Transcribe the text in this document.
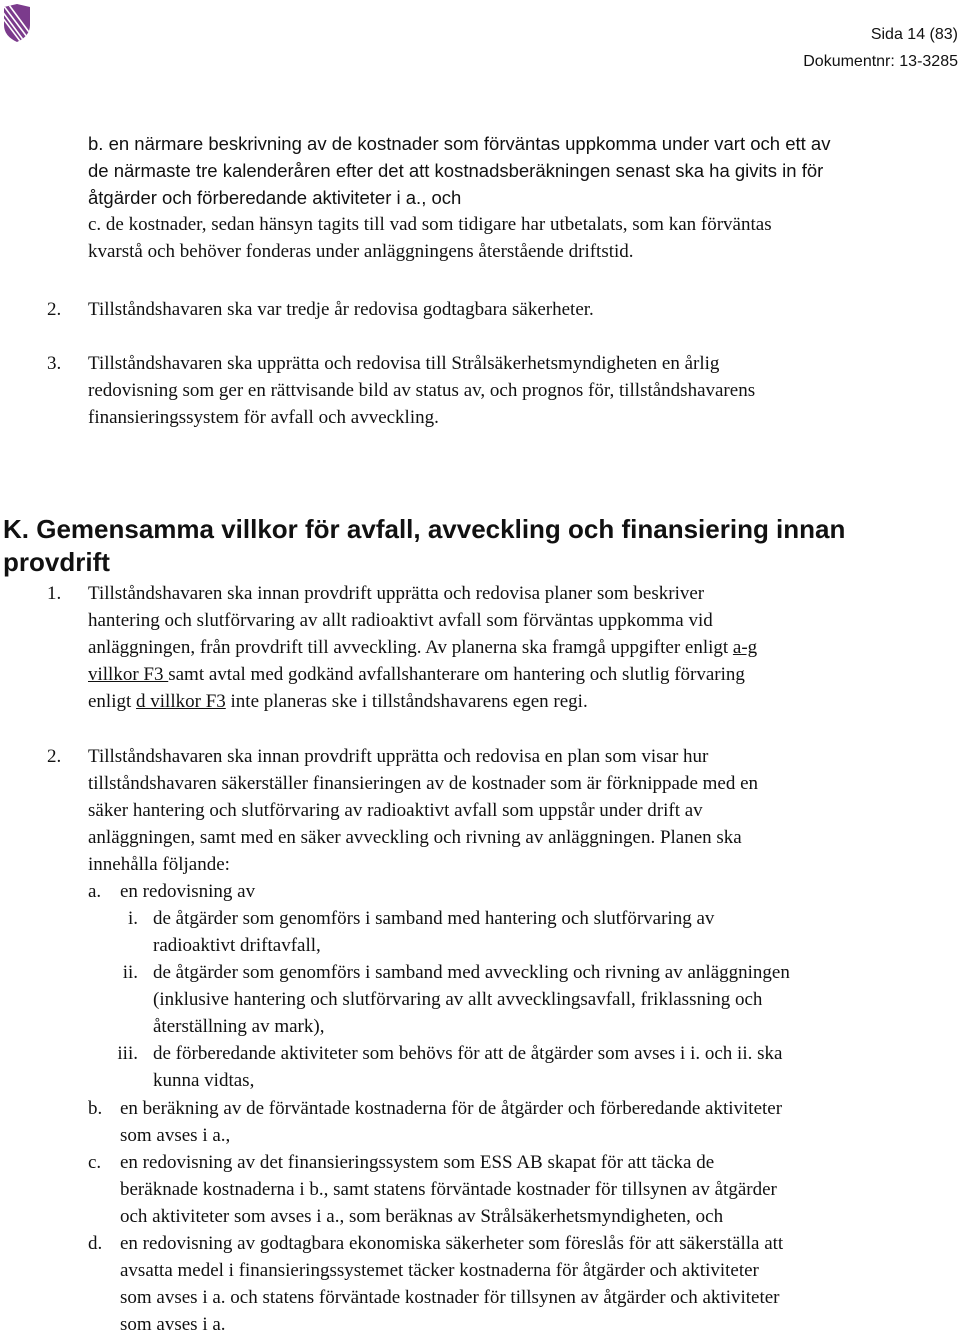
Sida 14 (83)
Dokumentnr: 13-3285
b. en närmare beskrivning av de kostnader som förväntas uppkomma under vart och ett av
de närmaste tre kalenderåren efter det att kostnadsberäkningen senast ska ha givits in för
åtgärder och förberedande aktiviteter i a., och
c. de kostnader, sedan hänsyn tagits till vad som tidigare har utbetalats, som kan förväntas
kvarstå och behöver fonderas under anläggningens återstående driftstid.
2. Tillståndshavaren ska var tredje år redovisa godtagbara säkerheter.
3. Tillståndshavaren ska upprätta och redovisa till Strålsäkerhetsmyndigheten en årlig
redovisning som ger en rättvisande bild av status av, och prognos för, tillståndshavarens
finansieringssystem för avfall och avveckling.
K. Gemensamma villkor för avfall, avveckling och finansiering innan
provdrift
1. Tillståndshavaren ska innan provdrift upprätta och redovisa planer som beskriver
hantering och slutförvaring av allt radioaktivt avfall som förväntas uppkomma vid
anläggningen, från provdrift till avveckling. Av planerna ska framgå uppgifter enligt a-g
villkor F3 samt avtal med godkänd avfallshanterare om hantering och slutlig förvaring
enligt d villkor F3 inte planeras ske i tillståndshavarens egen regi.
2. Tillståndshavaren ska innan provdrift upprätta och redovisa en plan som visar hur
tillståndshavaren säkerställer finansieringen av de kostnader som är förknippade med en
säker hantering och slutförvaring av radioaktivt avfall som uppstår under drift av
anläggningen, samt med en säker avveckling och rivning av anläggningen. Planen ska
innehålla följande:
a. en redovisning av
i. de åtgärder som genomförs i samband med hantering och slutförvaring av
radioaktivt driftavfall,
ii. de åtgärder som genomförs i samband med avveckling och rivning av anläggningen
(inklusive hantering och slutförvaring av allt avvecklingsavfall, friklassning och
återställning av mark),
iii. de förberedande aktiviteter som behövs för att de åtgärder som avses i i. och ii. ska
kunna vidtas,
b. en beräkning av de förväntade kostnaderna för de åtgärder och förberedande aktiviteter
som avses i a.,
c. en redovisning av det finansieringssystem som ESS AB skapat för att täcka de
beräknade kostnaderna i b., samt statens förväntade kostnader för tillsynen av åtgärder
och aktiviteter som avses i a., som beräknas av Strålsäkerhetsmyndigheten, och
d. en redovisning av godtagbara ekonomiska säkerheter som föreslås för att säkerställa att
avsatta medel i finansieringssystemet täcker kostnaderna för åtgärder och aktiviteter
som avses i a. och statens förväntade kostnader för tillsynen av åtgärder och aktiviteter
som avses i a.
